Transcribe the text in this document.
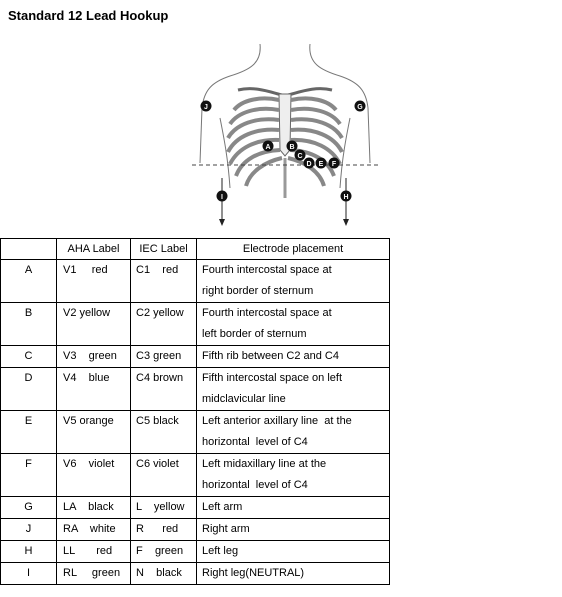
Standard 12 Lead Hookup
J	G
A	B
C
D E F
I	H
	AHA Label	IEC Label	Electrode placement
A	V1     red	C1    red	Fourth intercostal space at
right border of sternum

B	V2 yellow	C2 yellow	Fourth intercostal space at
left border of sternum

C	V3    green	C3 green	Fifth rib between C2 and C4

D	V4    blue	C4 brown	Fifth intercostal space on left
midclavicular line

E	V5 orange	C5 black	Left anterior axillary line  at the
horizontal  level of C4

F	V6    violet	C6 violet	Left midaxillary line at the
horizontal  level of C4

G	LA    black	L    yellow	Left arm

J	RA    white	R      red	Right arm

H	LL       red	F    green	Left leg

I	RL     green	N    black	Right leg(NEUTRAL)
